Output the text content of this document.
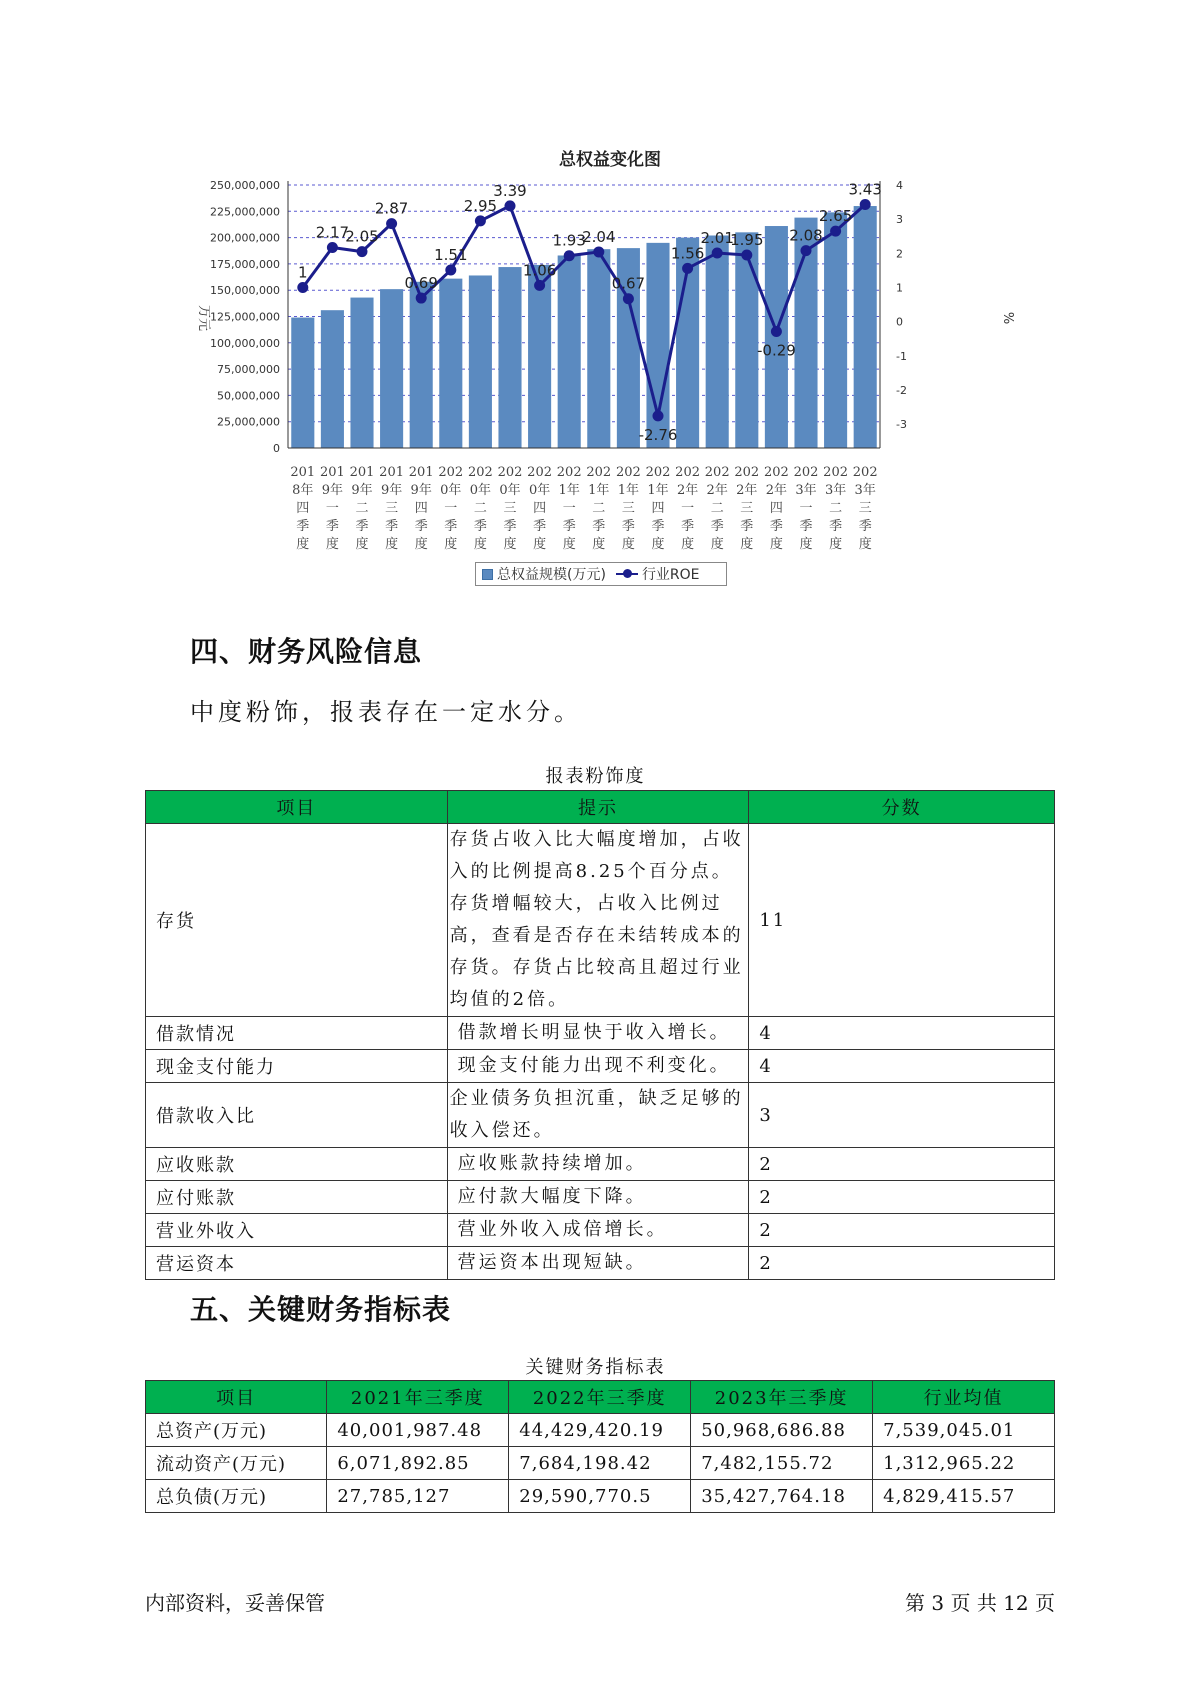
总权益变化图
250,000,000
225,000,000
200,000,000
175,000,000
150,000,000
125,000,000
100,000,000
75,000,000
50,000,000
25,000,000
0
4
3
2
1
0
-1
-2
-3
万元	%
201
8年
四
季
度
201
9年
一
季
度
201
9年
二
季
度
201
9年
三
季
度
201
9年
四
季
度
202
0年
一
季
度
202
0年
二
季
度
202
0年
三
季
度
202
0年
四
季
度
202
1年
一
季
度
202
1年
二
季
度
202
1年
三
季
度
202
1年
四
季
度
202
2年
一
季
度
202
2年
二
季
度
202
2年
三
季
度
202
2年
四
季
度
202
3年
一
季
度
202
3年
二
季
度
202
3年
三
季
度
1
2.17
2.05
2.87
0.69
1.51
2.95
3.39
1.06
1.93
2.04
0.67
-2.76
1.56
2.01
1.95
-0.29
2.08
2.65
3.43
总权益规模(万元)	行业ROE
四、财务风险信息
中度粉饰，报表存在一定水分。
报表粉饰度
项目	提示	分数
存货	存货占收入比大幅度增加，占收入的比例提高8.25个百分点。存货增幅较大，占收入比例过高，查看是否存在未结转成本的存货。存货占比较高且超过行业均值的2倍。	11
借款情况	借款增长明显快于收入增长。	4
现金支付能力	现金支付能力出现不利变化。	4
借款收入比	企业债务负担沉重，缺乏足够的收入偿还。	3
应收账款	应收账款持续增加。	2
应付账款	应付款大幅度下降。	2
营业外收入	营业外收入成倍增长。	2
营运资本	营运资本出现短缺。	2
五、关键财务指标表
关键财务指标表
项目	2021年三季度	2022年三季度	2023年三季度	行业均值
总资产(万元)	40,001,987.48	44,429,420.19	50,968,686.88	7,539,045.01
流动资产(万元)	6,071,892.85	7,684,198.42	7,482,155.72	1,312,965.22
总负债(万元)	27,785,127	29,590,770.5	35,427,764.18	4,829,415.57
内部资料，妥善保管	第 3 页 共 12 页
